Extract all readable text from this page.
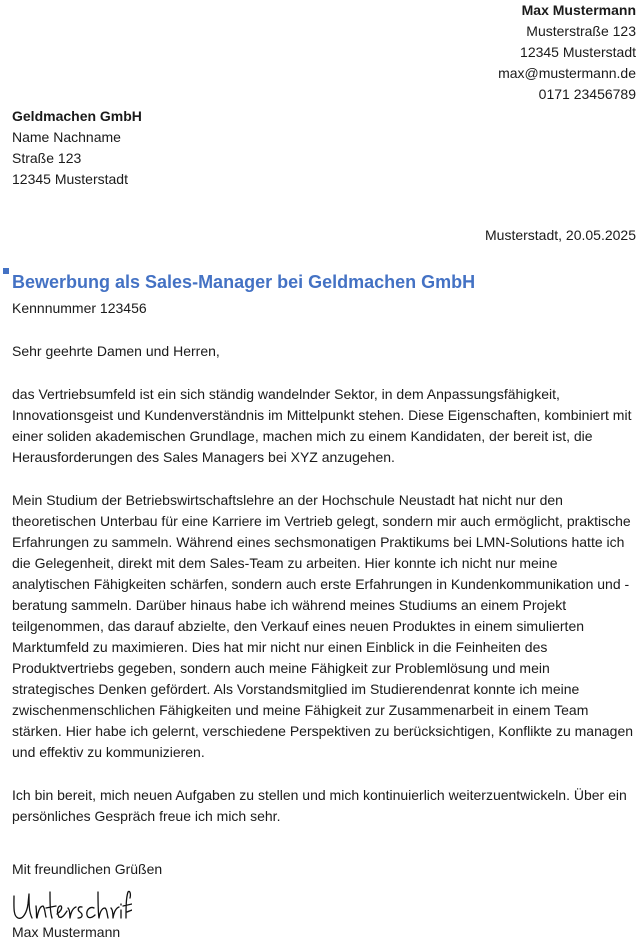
Max Mustermann
Musterstraße 123
12345 Musterstadt
max@mustermann.de
0171 23456789
Geldmachen GmbH
Name Nachname
Straße 123
12345 Musterstadt
Musterstadt, 20.05.2025
Bewerbung als Sales-Manager bei Geldmachen GmbH
Kennnummer 123456
Sehr geehrte Damen und Herren,

das Vertriebsumfeld ist ein sich ständig wandelnder Sektor, in dem Anpassungsfähigkeit, Innovationsgeist und Kundenverständnis im Mittelpunkt stehen. Diese Eigenschaften, kombiniert mit einer soliden akademischen Grundlage, machen mich zu einem Kandidaten, der bereit ist, die Herausforderungen des Sales Managers bei XYZ anzugehen.

Mein Studium der Betriebswirtschaftslehre an der Hochschule Neustadt hat nicht nur den theoretischen Unterbau für eine Karriere im Vertrieb gelegt, sondern mir auch ermöglicht, praktische Erfahrungen zu sammeln. Während eines sechsmonatigen Praktikums bei LMN-Solutions hatte ich die Gelegenheit, direkt mit dem Sales-Team zu arbeiten. Hier konnte ich nicht nur meine analytischen Fähigkeiten schärfen, sondern auch erste Erfahrungen in Kundenkommunikation und -beratung sammeln. Darüber hinaus habe ich während meines Studiums an einem Projekt teilgenommen, das darauf abzielte, den Verkauf eines neuen Produktes in einem simulierten Marktumfeld zu maximieren. Dies hat mir nicht nur einen Einblick in die Feinheiten des Produktvertriebs gegeben, sondern auch meine Fähigkeit zur Problemlösung und mein strategisches Denken gefördert. Als Vorstandsmitglied im Studierendenrat konnte ich meine zwischenmenschlichen Fähigkeiten und meine Fähigkeit zur Zusammenarbeit in einem Team stärken. Hier habe ich gelernt, verschiedene Perspektiven zu berücksichtigen, Konflikte zu managen und effektiv zu kommunizieren.

Ich bin bereit, mich neuen Aufgaben zu stellen und mich kontinuierlich weiterzuentwickeln. Über ein persönliches Gespräch freue ich mich sehr.

Mit freundlichen Grüßen
Max Mustermann
